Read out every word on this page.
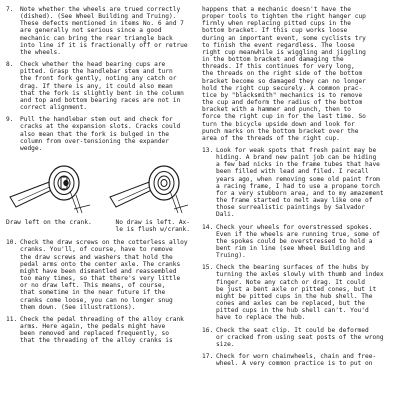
7.	Note whether the wheels are trued correctly
(dished). (See Wheel Building and Truing).
These defects mentioned in items No. 6 and 7
are generally not serious since a good
mechanic can bring the rear triangle back
into line if it is fractionally off or retrue
the wheels.
8.	Check whether the head bearing cups are
pitted. Grasp the handlebar stem and turn
the front fork gently, noting any catch or
drag. If there is any, it could also mean
that the fork is slightly bent in the column
and top and bottom bearing races are not in
correct alignment.
9.	Pull the handlebar stem out and check for
cracks at the expansion slots. Cracks could
also mean that the fork is bulged in the
column from over-tensioning the expander
wedge.
Draw left on the crank.	No draw is left. Ax-
le is flush w/crank.
10. Check the draw screws on the cotterless alloy
cranks. You'll, of course, have to remove
the draw screws and washers that hold the
pedal arms onto the center axle. The cranks
might have been dismantled and reassembled
too many times, so that there's very little
or no draw left. This means, of course,
that sometime in the near future if the
cranks come loose, you can no longer snug
them down. (See illustrations).
11. Check the pedal threading of the alloy crank
arms. Here again, the pedals might have
been removed and replaced frequently, so
that the threading of the alloy cranks is
happens that a mechanic doesn't have the
proper tools to tighten the right hanger cup
firmly when replacing pitted cups in the
bottom bracket. If this cup works loose
during an important event, some cyclists try
to finish the event regardless. The loose
right cup meanwhile is wiggling and jiggling
in the bottom bracket and damaging the
threads. If this continues for very long,
the threads on the right side of the bottom
bracket become so damaged they can no longer
hold the right cup securely. A common prac-
tice by "blacksmith" mechanics is to remove
the cup and deform the radius of the bottom
bracket with a hammer and punch, then to
force the right cup in for the last time. So
turn the bicycle upside down and look for
punch marks on the bottom bracket over the
area of the threads of the right cup.
13. Look for weak spots that fresh paint may be
hiding. A brand new paint job can be hiding
a few bad nicks in the frame tubes that have
been filled with lead and filed. I recall
years ago, when removing some old paint from
a racing frame, I had to use a propane torch
for a very stubborn area, and to my amazement
the frame started to melt away like one of
those surrealistic paintings by Salvador
Dali.
14. Check your wheels for overstressed spokes.
Even if the wheels are running true, some of
the spokes could be overstressed to hold a
bent rim in line (see Wheel Building and
Truing).
15. Check the bearing surfaces of the hubs by
turning the axles slowly with thumb and index
finger. Note any catch or drag. It could
be just a bent axle or pitted cones, but it
might be pitted cups in the hub shell. The
cones and axles can be replaced, but the
pitted cups in the hub shell can't. You'd
have to replace the hub.
16. Check the seat clip. It could be deformed
or cracked from using seat posts of the wrong
size.
17. Check for worn chainwheels, chain and free-
wheel. A very common practice is to put on
